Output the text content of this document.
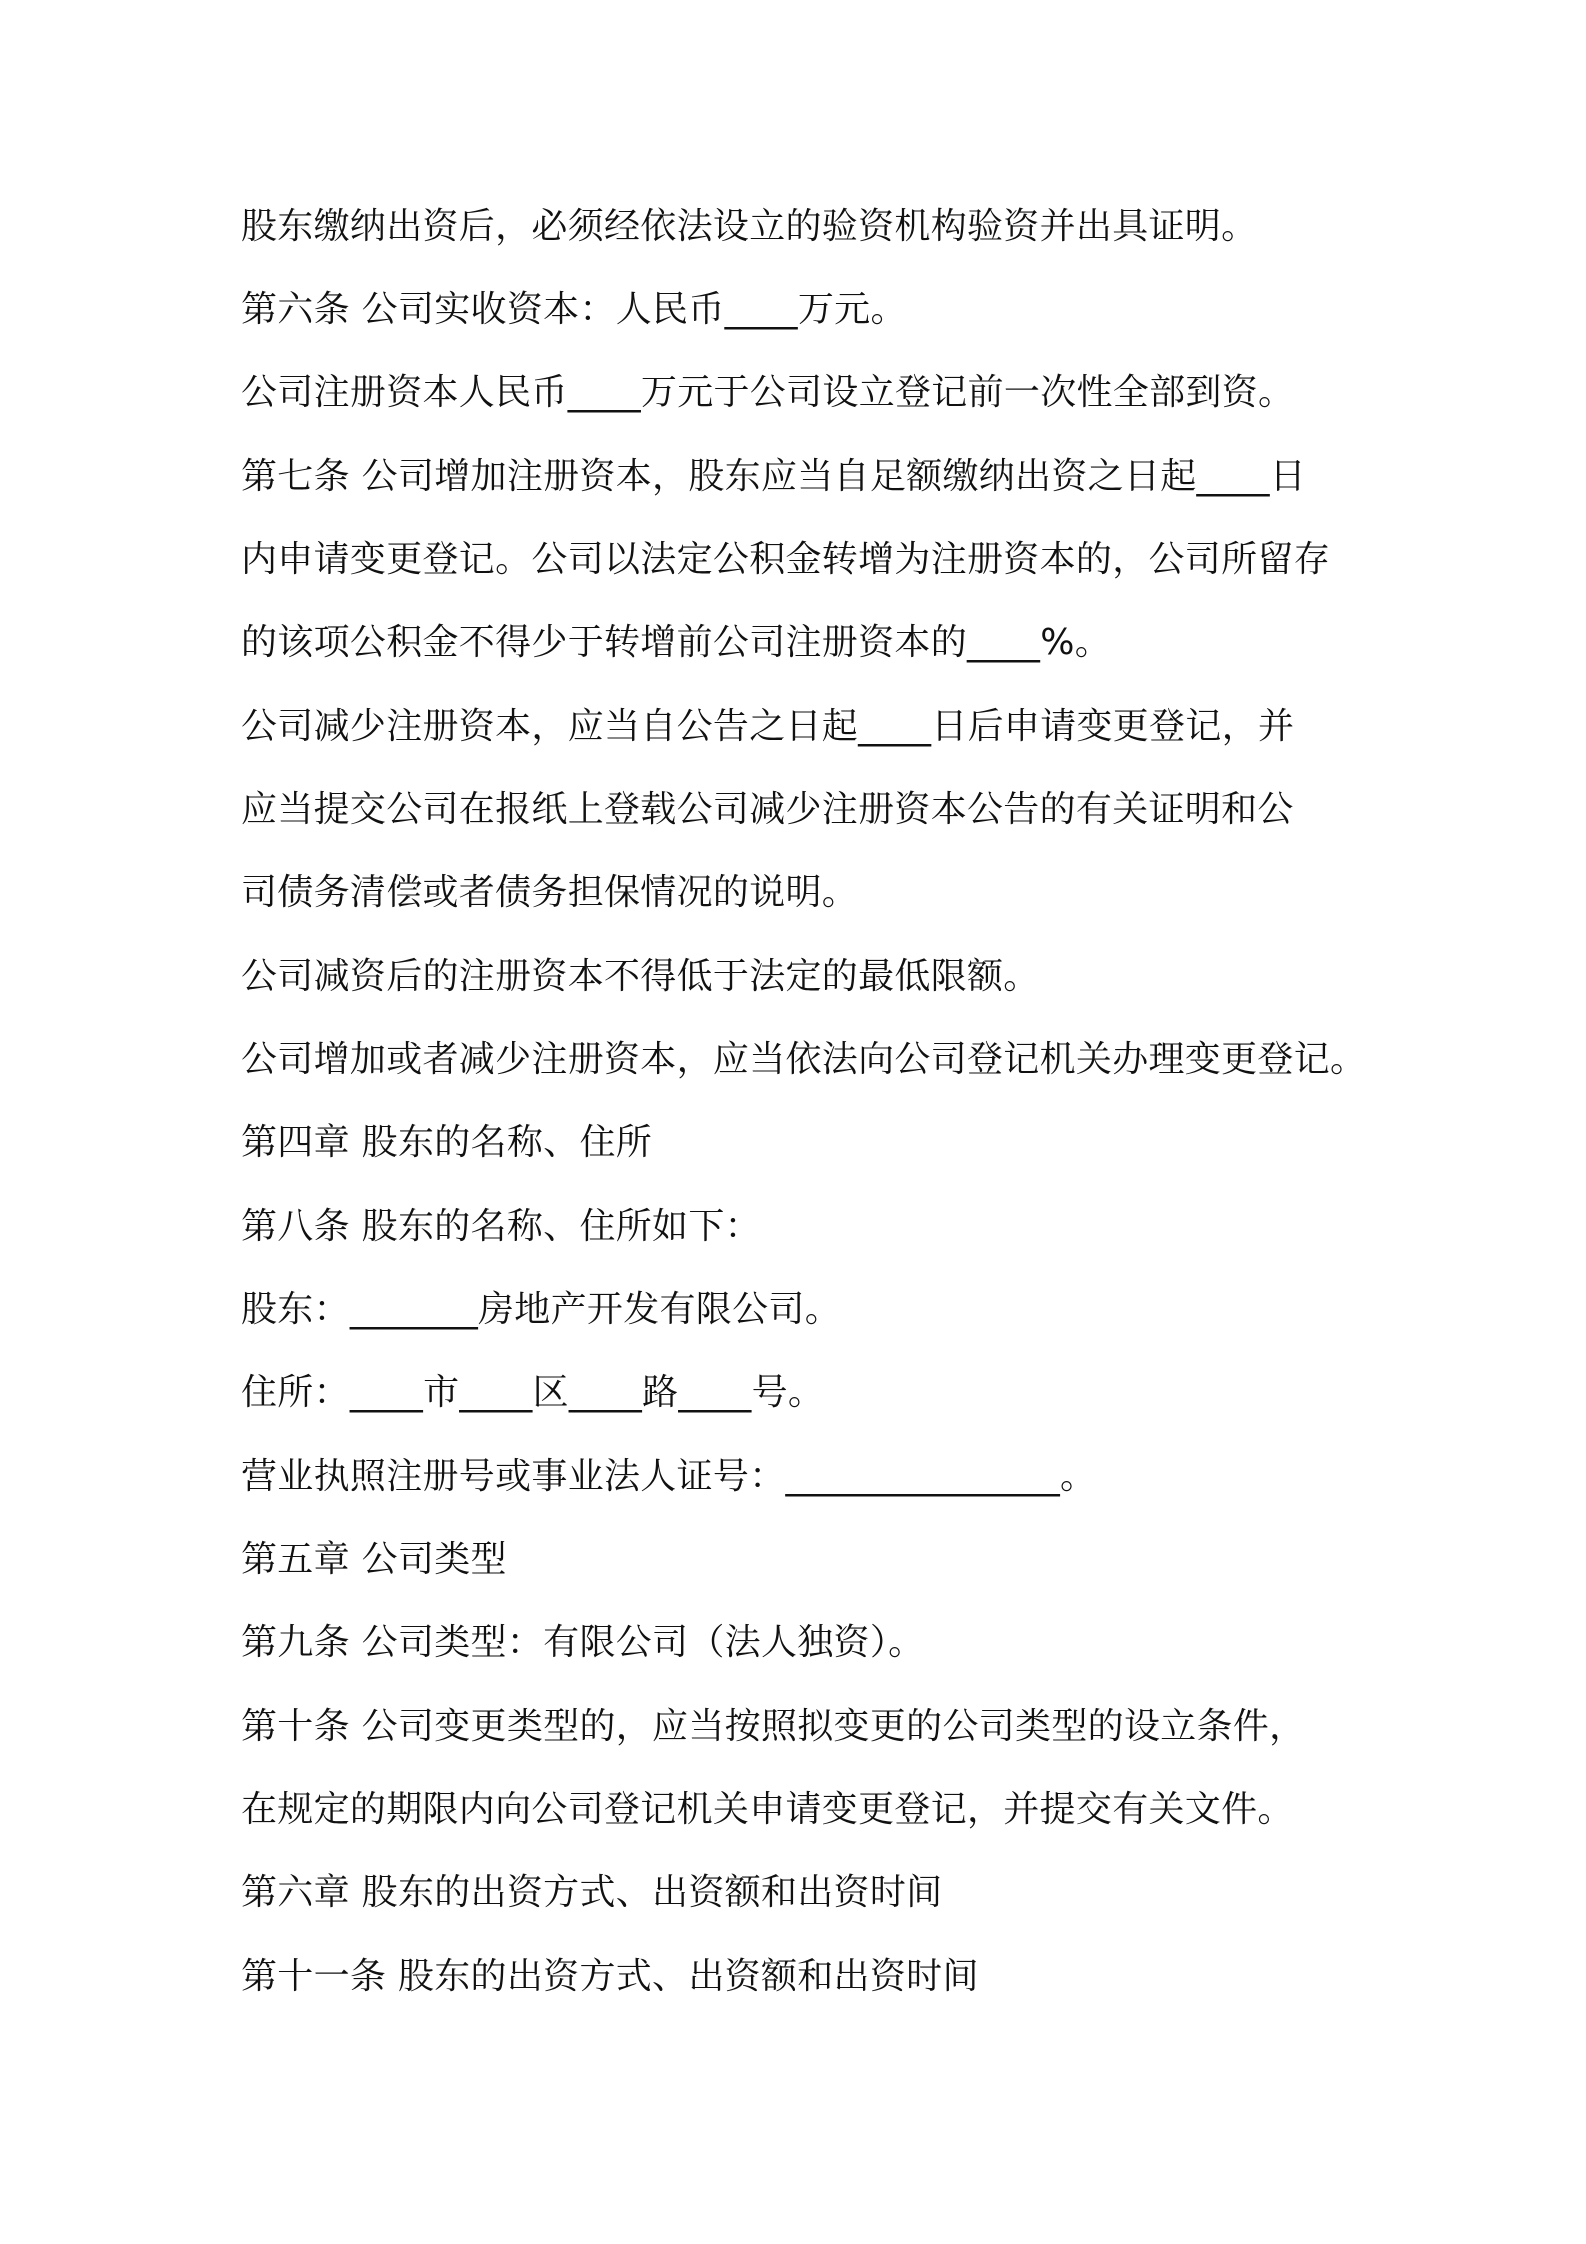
股东缴纳出资后，必须经依法设立的验资机构验资并出具证明。
第六条 公司实收资本：人民币____万元。
公司注册资本人民币____万元于公司设立登记前一次性全部到资。
第七条 公司增加注册资本，股东应当自足额缴纳出资之日起____日
内申请变更登记。公司以法定公积金转增为注册资本的，公司所留存
的该项公积金不得少于转增前公司注册资本的____%。
公司减少注册资本，应当自公告之日起____日后申请变更登记，并
应当提交公司在报纸上登载公司减少注册资本公告的有关证明和公
司债务清偿或者债务担保情况的说明。
公司减资后的注册资本不得低于法定的最低限额。
公司增加或者减少注册资本，应当依法向公司登记机关办理变更登记。
第四章 股东的名称、住所
第八条 股东的名称、住所如下：
股东：_______房地产开发有限公司。
住所：____市____区____路____号。
营业执照注册号或事业法人证号：_______________。
第五章 公司类型
第九条 公司类型：有限公司（法人独资）。
第十条 公司变更类型的，应当按照拟变更的公司类型的设立条件，
在规定的期限内向公司登记机关申请变更登记，并提交有关文件。
第六章 股东的出资方式、出资额和出资时间
第十一条 股东的出资方式、出资额和出资时间
